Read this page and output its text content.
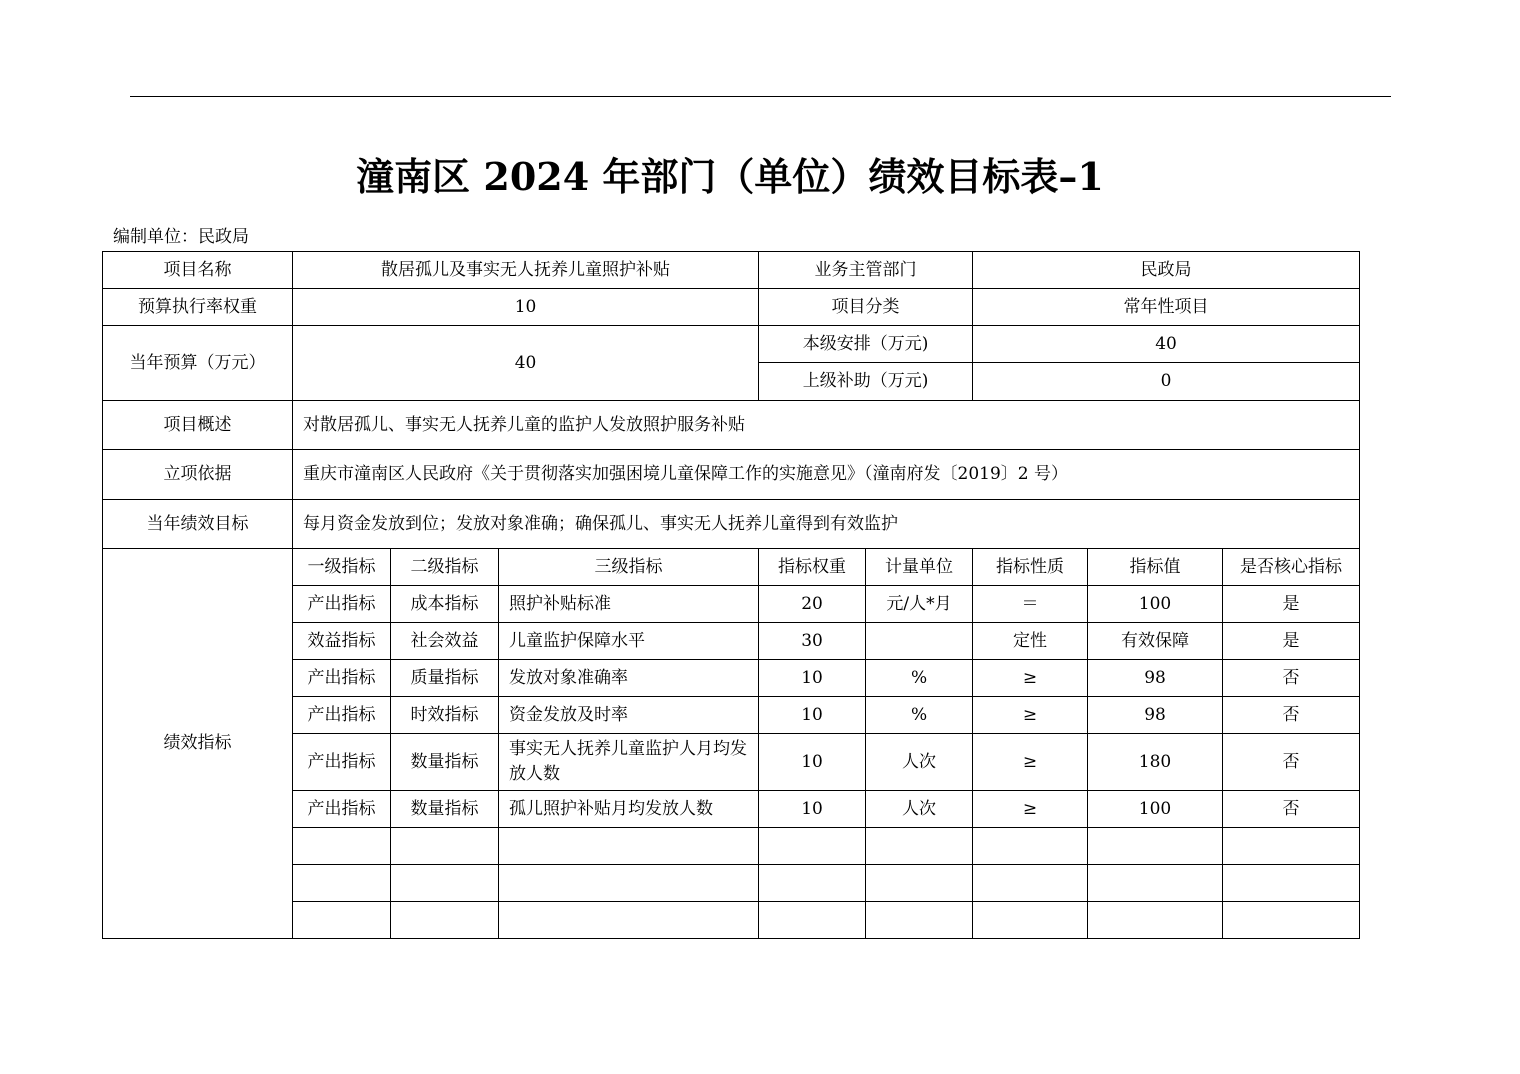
潼南区 2024 年部门（单位）绩效目标表–1
编制单位：民政局
项目名称	散居孤儿及事实无人抚养儿童照护补贴			业务主管部门		民政局		
预算执行率权重	10			项目分类		常年性项目		
当年预算（万元）	40			本级安排（万元)		40		
				上级补助（万元)		0		
项目概述	对散居孤儿、事实无人抚养儿童的监护人发放照护服务补贴							
立项依据	重庆市潼南区人民政府《关于贯彻落实加强困境儿童保障工作的实施意见》（潼南府发〔2019〕2 号）							
当年绩效目标	每月资金发放到位；发放对象准确；确保孤儿、事实无人抚养儿童得到有效监护							
绩效指标	一级指标	二级指标	三级指标	指标权重	计量单位	指标性质	指标值	是否核心指标
	产出指标	成本指标	照护补贴标准	20	元/人*月	＝	100	是
	效益指标	社会效益	儿童监护保障水平	30		定性	有效保障	是
	产出指标	质量指标	发放对象准确率	10	%	≥	98	否
	产出指标	时效指标	资金发放及时率	10	%	≥	98	否
	产出指标	数量指标	事实无人抚养儿童监护人月均发放人数	10	人次	≥	180	否
	产出指标	数量指标	孤儿照护补贴月均发放人数	10	人次	≥	100	否
